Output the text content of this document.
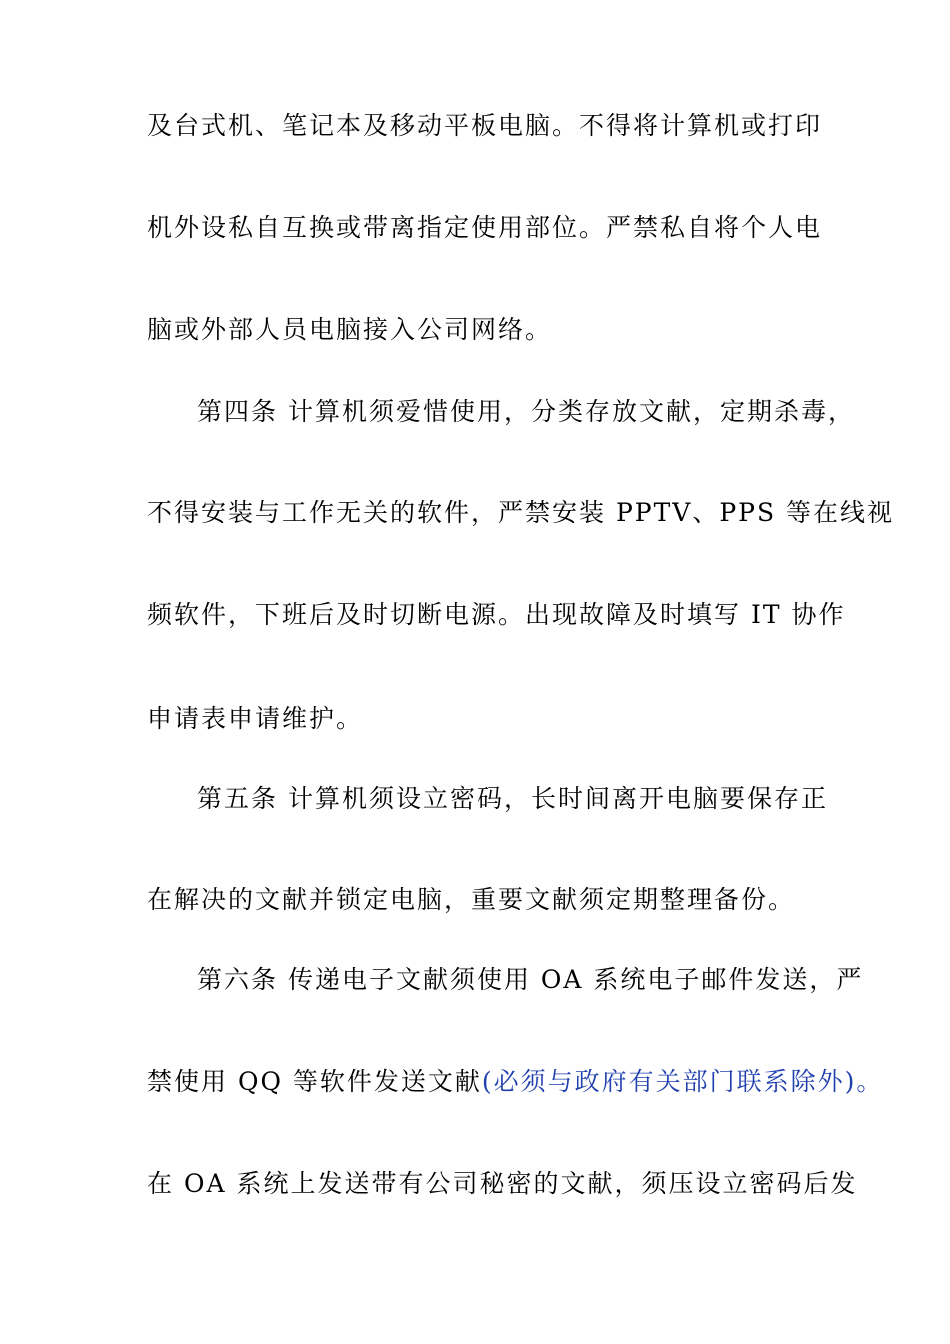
及台式机、笔记本及移动平板电脑。不得将计算机或打印
机外设私自互换或带离指定使用部位。严禁私自将个人电
脑或外部人员电脑接入公司网络。
第四条 计算机须爱惜使用，分类存放文献，定期杀毒，
不得安装与工作无关的软件，严禁安装 PPTV、PPS 等在线视
频软件，下班后及时切断电源。出现故障及时填写 IT 协作
申请表申请维护。
第五条 计算机须设立密码，长时间离开电脑要保存正
在解决的文献并锁定电脑，重要文献须定期整理备份。
第六条 传递电子文献须使用 OA 系统电子邮件发送，严
禁使用 QQ 等软件发送文献(必须与政府有关部门联系除外)。
在 OA 系统上发送带有公司秘密的文献，须压设立密码后发
